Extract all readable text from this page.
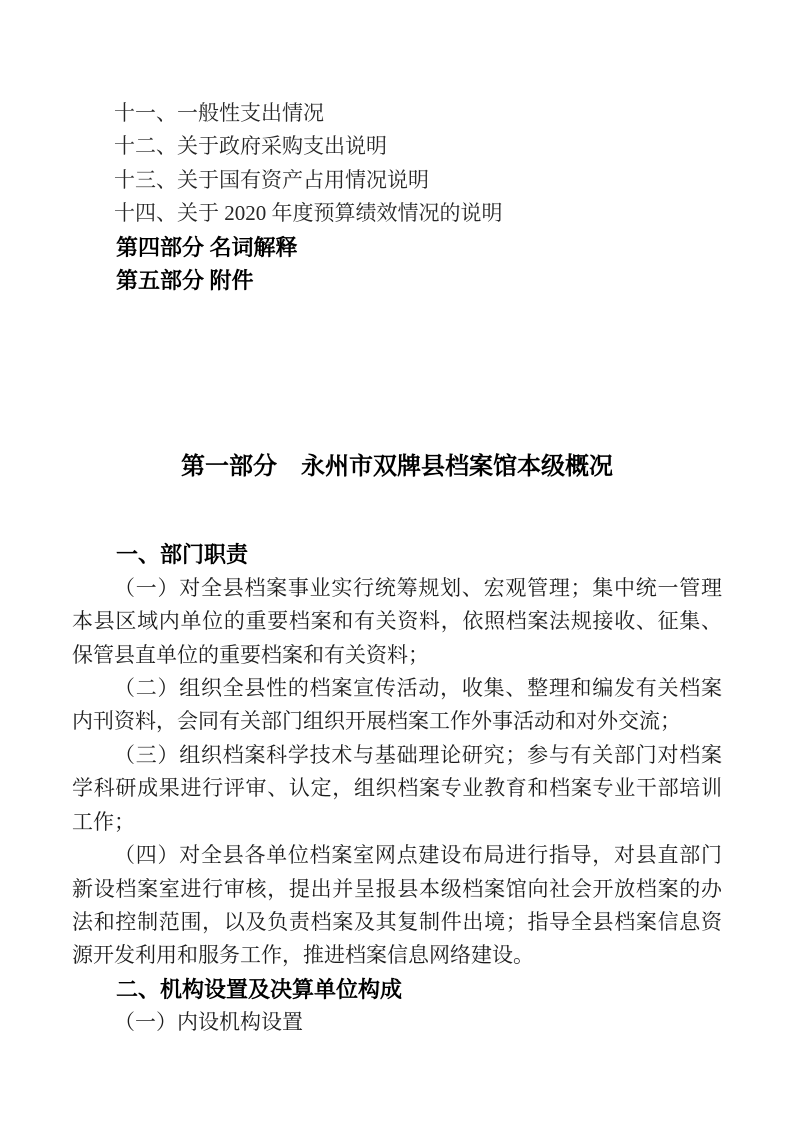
十一、一般性支出情况
十二、关于政府采购支出说明
十三、关于国有资产占用情况说明
十四、关于 2020 年度预算绩效情况的说明
第四部分 名词解释
第五部分 附件
第一部分　永州市双牌县档案馆本级概况

一、部门职责

（一）对全县档案事业实行统筹规划、宏观管理；集中统一管理本县区域内单位的重要档案和有关资料，依照档案法规接收、征集、保管县直单位的重要档案和有关资料；

（二）组织全县性的档案宣传活动，收集、整理和编发有关档案内刊资料，会同有关部门组织开展档案工作外事活动和对外交流；

（三）组织档案科学技术与基础理论研究；参与有关部门对档案学科研成果进行评审、认定，组织档案专业教育和档案专业干部培训工作；

（四）对全县各单位档案室网点建设布局进行指导，对县直部门新设档案室进行审核，提出并呈报县本级档案馆向社会开放档案的办法和控制范围，以及负责档案及其复制件出境；指导全县档案信息资源开发利用和服务工作，推进档案信息网络建设。

二、机构设置及决算单位构成

（一）内设机构设置
